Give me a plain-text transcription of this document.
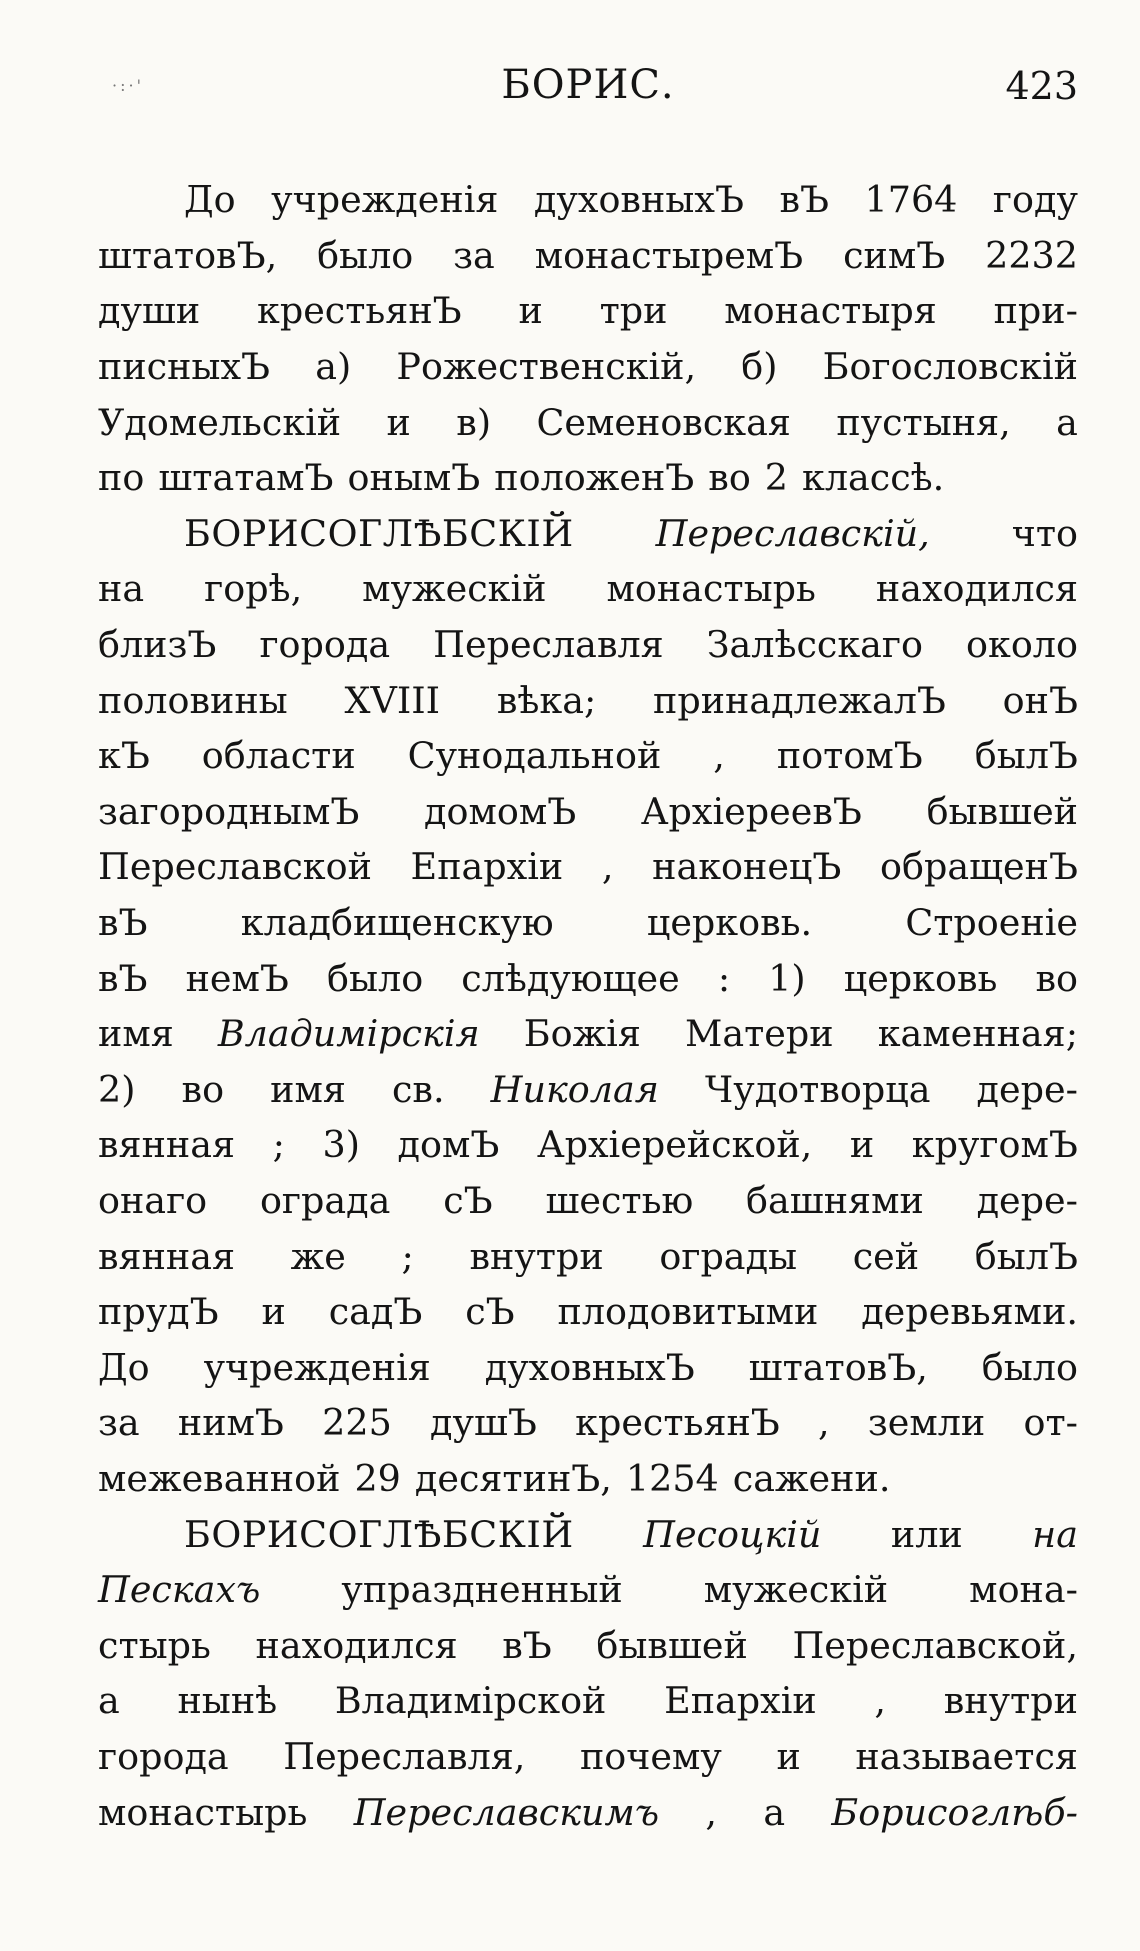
·:·'	БОРИС.	423
До учрежденія духовныхЪ вЪ 1764 году
штатовЪ, было за монастыремЪ симЪ 2232
души крестьянЪ и три монастыря при-
писныхЪ а) Рожественскій, б) Богословскій
Удомельскій и в) Семеновская пустыня, а
по штатамЪ онымЪ положенЪ во 2 классѣ.
БОРИСОГЛѢБСКІЙ Переславскій, что
на горѣ, мужескій монастырь находился
близЪ города Переславля Залѣсскаго около
половины XVIII вѣка; принадлежалЪ онЪ
кЪ области Сунодальной , потомЪ былЪ
загороднымЪ домомЪ АрхіереевЪ бывшей
Переславской Епархіи , наконецЪ обращенЪ
вЪ	кладбищенскую	церковь.	Строеніе
вЪ немЪ было слѣдующее : 1) церковь во
имя Владимірскія Божія Матери каменная;
2) во имя св. Николая Чудотворца дере-
вянная ; 3) домЪ Архіерейской, и кругомЪ
онаго ограда сЪ шестью башнями дере-
вянная же ; внутри ограды сей былЪ
прудЪ и садЪ сЪ плодовитыми деревьями.
До учрежденія духовныхЪ штатовЪ, было
за нимЪ 225 душЪ крестьянЪ , земли от-
межеванной 29 десятинЪ, 1254 сажени.
БОРИСОГЛѢБСКІЙ Песоцкій или на
Пескахъ упраздненный мужескій мона-
стырь находился вЪ бывшей Переславской,
а нынѣ Владимірской Епархіи , внутри
города Переславля, почему и называется
монастырь Переславскимъ , а Борисоглѣб-
